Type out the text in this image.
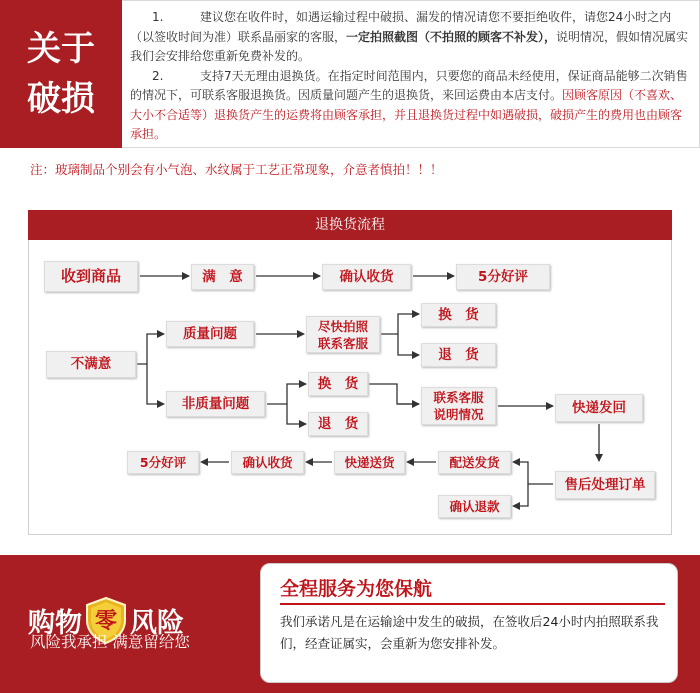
关于
破损
1.	建议您在收件时，如遇运输过程中破损、漏发的情况请您不要拒绝收件，请您24小时之内（以签收时间为准）联系晶丽家的客服，一定拍照截图（不拍照的顾客不补发），说明情况，假如情况属实我们会安排给您重新免费补发的。
2.	支持7天无理由退换货。在指定时间范围内，只要您的商品未经使用，保证商品能够二次销售的情况下，可联系客服退换货。因质量问题产生的退换货，来回运费由本店支付。因顾客原因（不喜欢、大小不合适等）退换货产生的运费将由顾客承担，并且退换货过程中如遇破损，破损产生的费用也由顾客承担。
注：玻璃制品个别会有小气泡、水纹属于工艺正常现象，介意者慎拍！！！
退换货流程
收到商品	满　意	确认收货	5分好评
不满意
质量问题	尽快拍照
联系客服
换　货
退　货
非质量问题
换　货
退　货
联系客服
说明情况	快递发回
售后处理订单
配送发货
确认退款
快递送货
确认收货
5分好评
购物 零 风险
风险我承担 满意留给您
全程服务为您保航
我们承诺凡是在运输途中发生的破损，在签收后24小时内拍照联系我们，经查证属实，会重新为您安排补发。
